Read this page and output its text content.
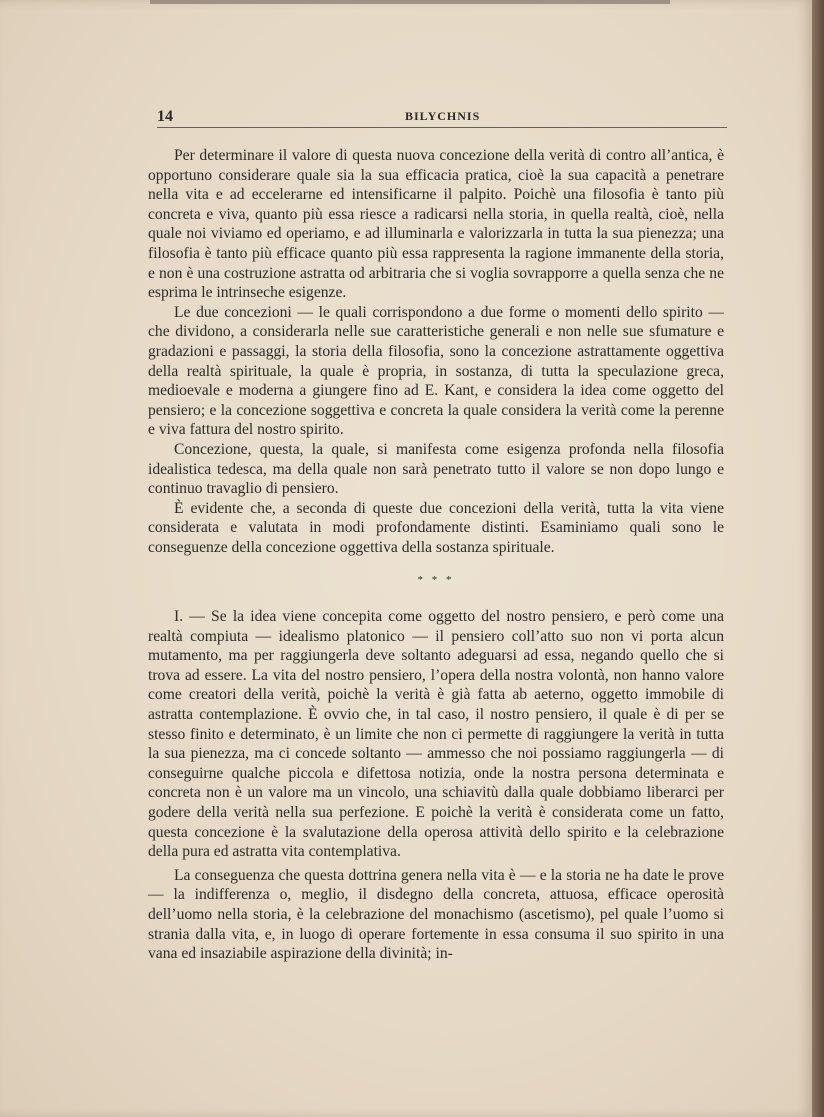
14	BILYCHNIS

Per determinare il valore di questa nuova concezione della verità di contro all’antica, è opportuno considerare quale sia la sua efficacia pratica, cioè la sua capacità a penetrare nella vita e ad eccelerarne ed intensificarne il palpito. Poichè una filosofia è tanto più concreta e viva, quanto più essa riesce a radicarsi nella storia, in quella realtà, cioè, nella quale noi viviamo ed operiamo, e ad illuminarla e valorizzarla in tutta la sua pienezza; una filosofia è tanto più efficace quanto più essa rappresenta la ragione immanente della storia, e non è una costruzione astratta od arbitraria che si voglia sovrapporre a quella senza che ne esprima le intrinseche esigenze.

Le due concezioni — le quali corrispondono a due forme o momenti dello spirito — che dividono, a considerarla nelle sue caratteristiche generali e non nelle sue sfumature e gradazioni e passaggi, la storia della filosofia, sono la concezione astrattamente oggettiva della realtà spirituale, la quale è propria, in sostanza, di tutta la speculazione greca, medioevale e moderna a giungere fino ad E. Kant, e considera la idea come oggetto del pensiero; e la concezione soggettiva e concreta la quale considera la verità come la perenne e viva fattura del nostro spirito.

Concezione, questa, la quale, si manifesta come esigenza profonda nella filosofia idealistica tedesca, ma della quale non sarà penetrato tutto il valore se non dopo lungo e continuo travaglio di pensiero.

È evidente che, a seconda di queste due concezioni della verità, tutta la vita viene considerata e valutata in modi profondamente distinti. Esaminiamo quali sono le conseguenze della concezione oggettiva della sostanza spirituale.

* * *

I. — Se la idea viene concepita come oggetto del nostro pensiero, e però come una realtà compiuta — idealismo platonico — il pensiero coll’atto suo non vi porta alcun mutamento, ma per raggiungerla deve soltanto adeguarsi ad essa, negando quello che si trova ad essere. La vita del nostro pensiero, l’opera della nostra volontà, non hanno valore come creatori della verità, poichè la verità è già fatta ab aeterno, oggetto immobile di astratta contemplazione. È ovvio che, in tal caso, il nostro pensiero, il quale è di per se stesso finito e determinato, è un limite che non ci permette di raggiungere la verità in tutta la sua pienezza, ma ci concede soltanto — ammesso che noi possiamo raggiungerla — di conseguirne qualche piccola e difettosa notizia, onde la nostra persona determinata e concreta non è un valore ma un vincolo, una schiavitù dalla quale dobbiamo liberarci per godere della verità nella sua perfezione. E poichè la verità è considerata come un fatto, questa concezione è la svalutazione della operosa attività dello spirito e la celebrazione della pura ed astratta vita contemplativa.

La conseguenza che questa dottrina genera nella vita è — e la storia ne ha date le prove — la indifferenza o, meglio, il disdegno della concreta, attuosa, efficace operosità dell’uomo nella storia, è la celebrazione del monachismo (ascetismo), pel quale l’uomo si strania dalla vita, e, in luogo di operare fortemente in essa consuma il suo spirito in una vana ed insaziabile aspirazione della divinità; in-
